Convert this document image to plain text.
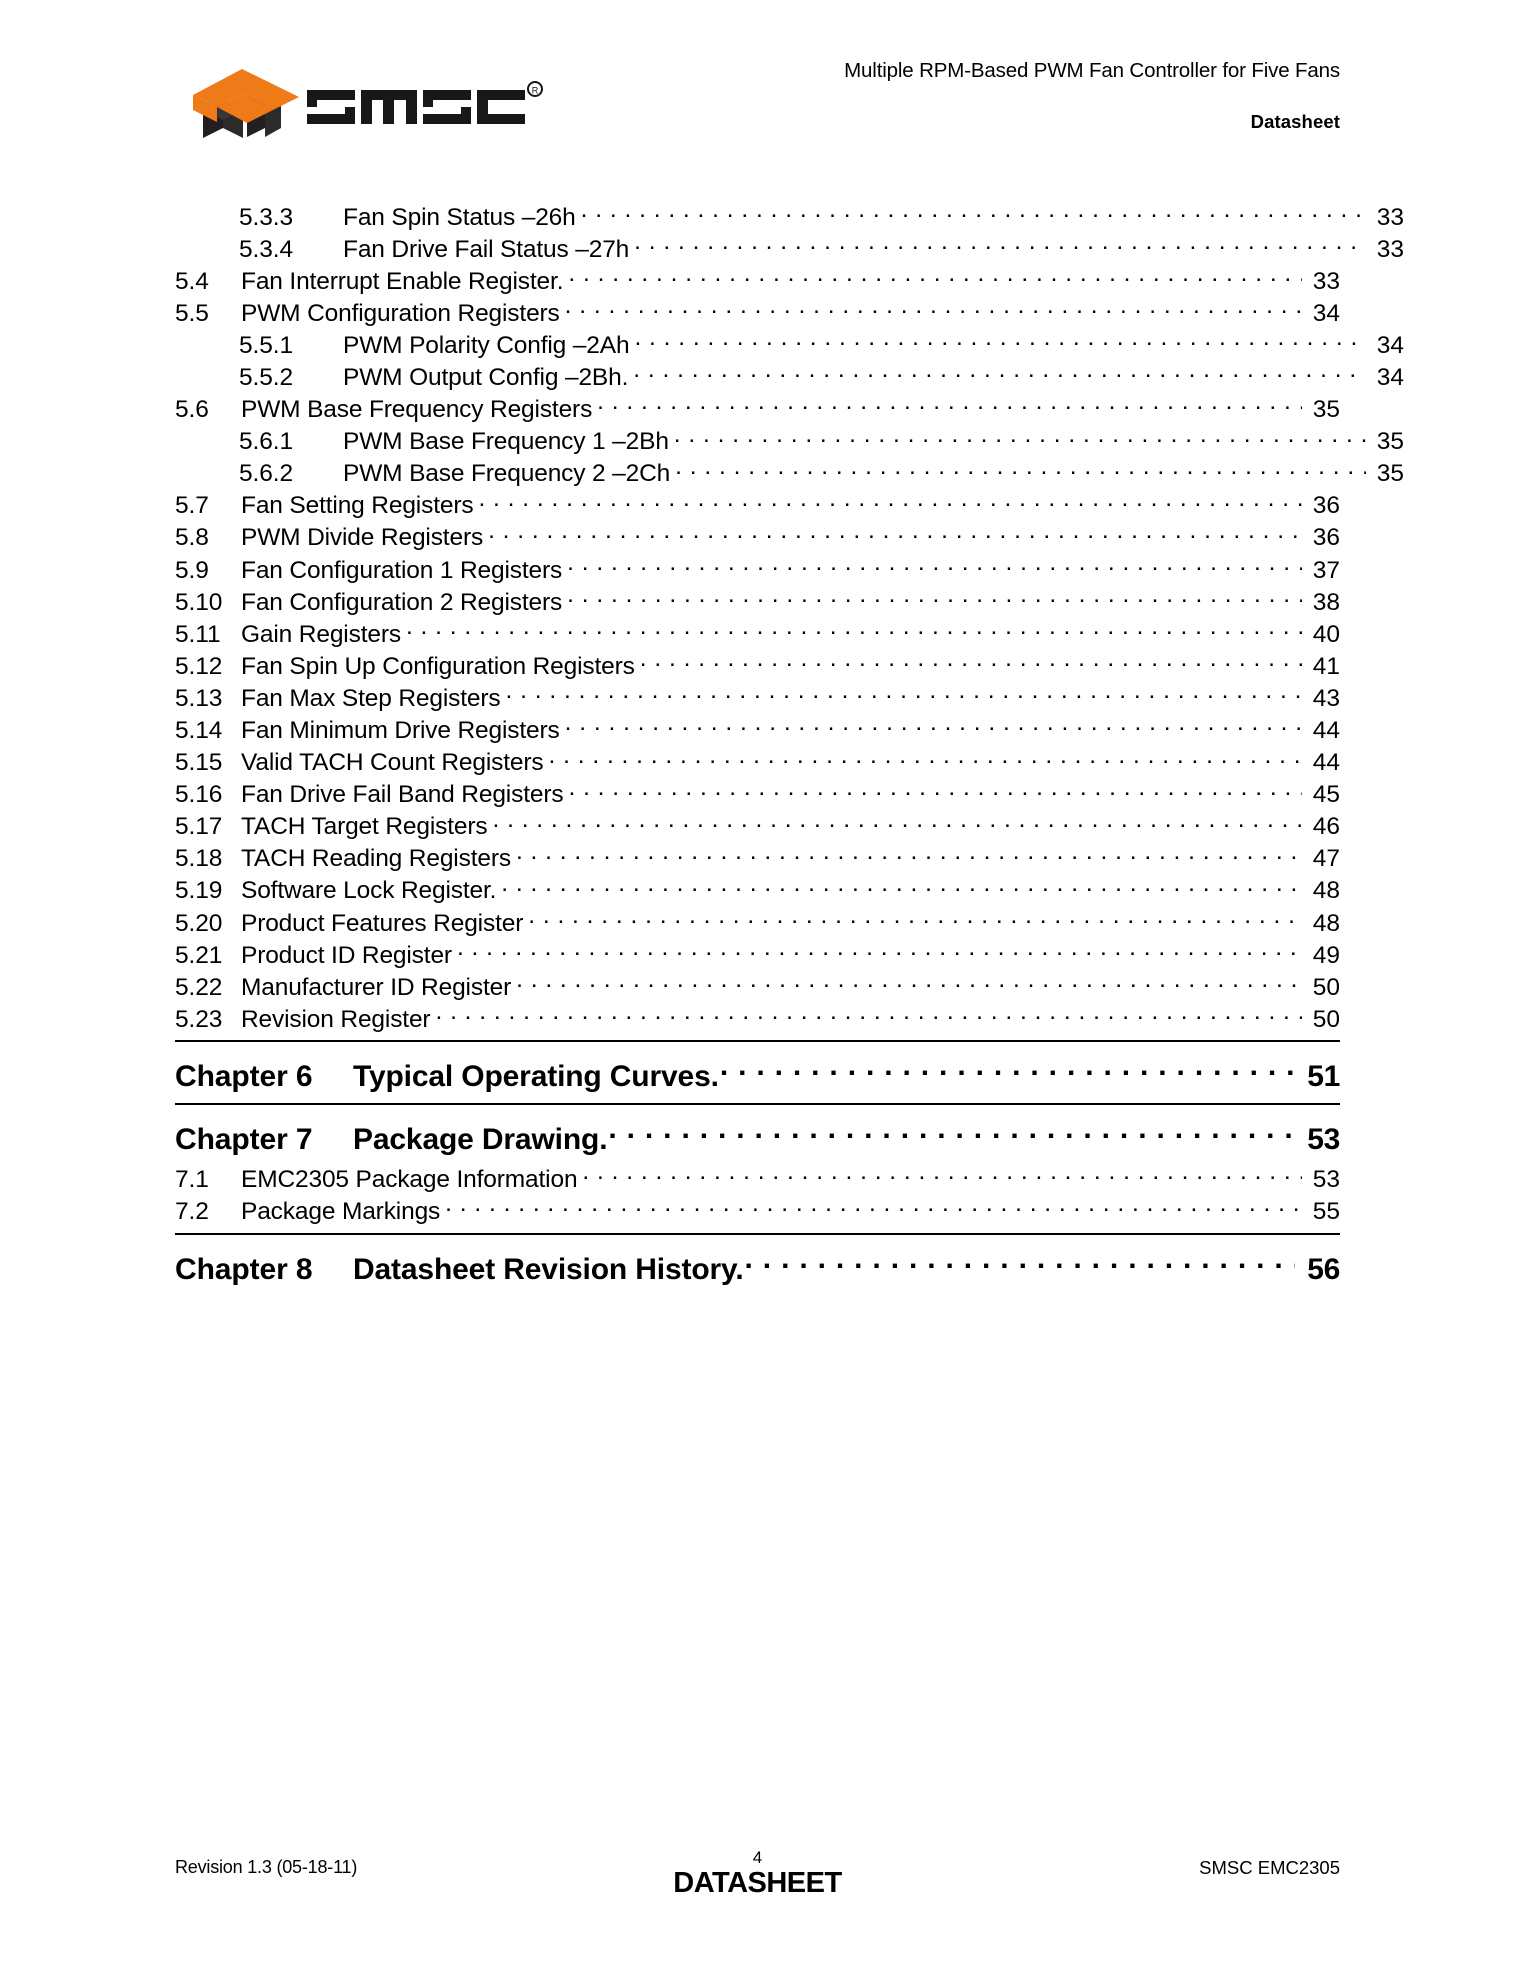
R
Multiple RPM-Based PWM Fan Controller for Five Fans
Datasheet
5.3.3	Fan Spin Status –26h . . .	33
5.3.4	Fan Drive Fail Status –27h . . .	33
5.4	Fan Interrupt Enable Register. . . .	33
5.5	PWM Configuration Registers . . .	34
5.5.1	PWM Polarity Config –2Ah . . .	34
5.5.2	PWM Output Config –2Bh. . . .	34
5.6	PWM Base Frequency Registers . . .	35
5.6.1	PWM Base Frequency 1 –2Bh . . .	35
5.6.2	PWM Base Frequency 2 –2Ch . . .	35
5.7	Fan Setting Registers . . .	36
5.8	PWM Divide Registers . . .	36
5.9	Fan Configuration 1 Registers . . .	37
5.10 Fan Configuration 2 Registers . . .	38
5.11 Gain Registers . . .	40
5.12 Fan Spin Up Configuration Registers . . .	41
5.13 Fan Max Step Registers . . .	43
5.14 Fan Minimum Drive Registers . . .	44
5.15 Valid TACH Count Registers . . .	44
5.16 Fan Drive Fail Band Registers . . .	45
5.17 TACH Target Registers . . .	46
5.18 TACH Reading Registers . . .	47
5.19 Software Lock Register. . . .	48
5.20 Product Features Register . . .	48
5.21 Product ID Register . . .	49
5.22 Manufacturer ID Register . . .	50
5.23 Revision Register . . .	50
Chapter 6	Typical Operating Curves. . . .	51
Chapter 7	Package Drawing. . . .	53
7.1	EMC2305 Package Information . . .	53
7.2	Package Markings . . .	55
Chapter 8	Datasheet Revision History. . . .	56
Revision 1.3 (05-18-11)	4
DATASHEET	SMSC EMC2305
